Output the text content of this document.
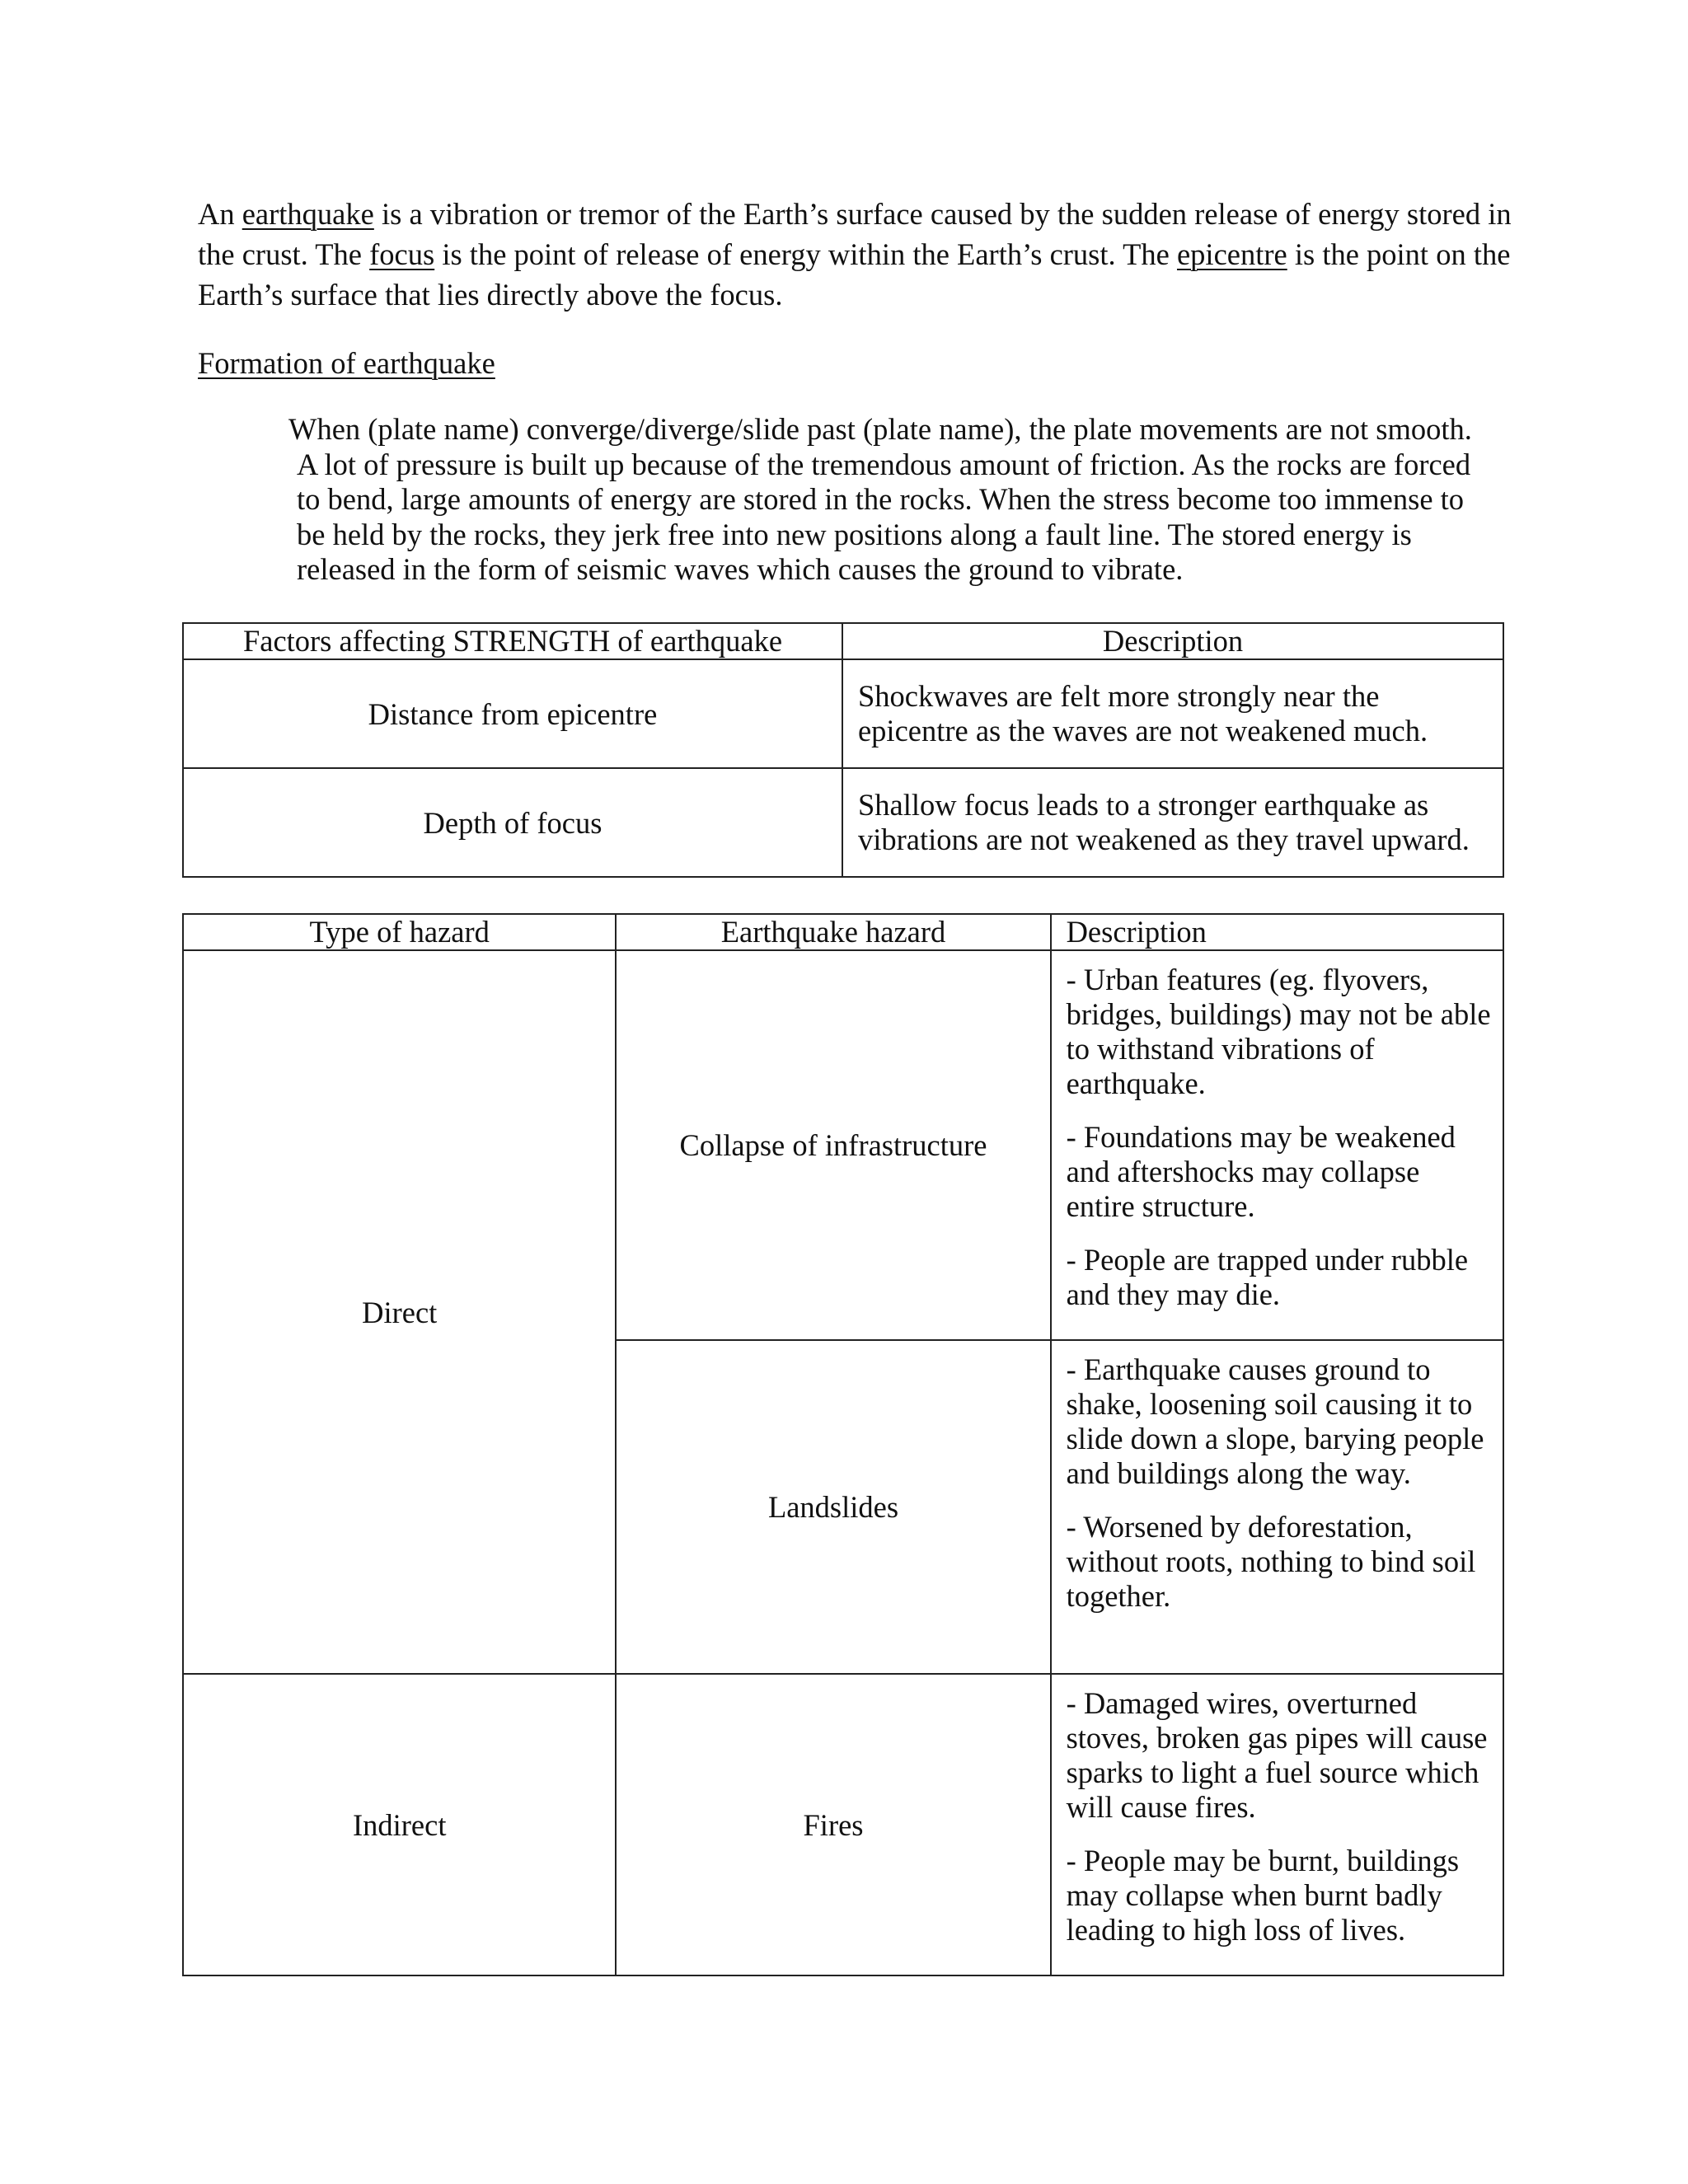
An earthquake is a vibration or tremor of the Earth’s surface caused by the sudden release of energy stored in the crust. The focus is the point of release of energy within the Earth’s crust. The epicentre is the point on the Earth’s surface that lies directly above the focus.

Formation of earthquake

When (plate name) converge/diverge/slide past (plate name), the plate movements are not smooth.
A lot of pressure is built up because of the tremendous amount of friction. As the rocks are forced
to bend, large amounts of energy are stored in the rocks. When the stress become too immense to
be held by the rocks, they jerk free into new positions along a fault line. The stored energy is
released in the form of seismic waves which causes the ground to vibrate.

Factors affecting STRENGTH of earthquake	Description
Distance from epicentre	Shockwaves are felt more strongly near the
epicentre as the waves are not weakened much.
Depth of focus	Shallow focus leads to a stronger earthquake as
vibrations are not weakened as they travel upward.
Type of hazard	Earthquake hazard	Description
Direct	Collapse of infrastructure	- Urban features (eg. flyovers, bridges, buildings) may not be able to withstand vibrations of earthquake.

- Foundations may be weakened and aftershocks may collapse entire structure.

- People are trapped under rubble and they may die.

	Landslides	- Earthquake causes ground to shake, loosening soil causing it to slide down a slope, barying people and buildings along the way.

- Worsened by deforestation, without roots, nothing to bind soil together.

Indirect	Fires	- Damaged wires, overturned stoves, broken gas pipes will cause sparks to light a fuel source which will cause fires.

- People may be burnt, buildings may collapse when burnt badly leading to high loss of lives.
